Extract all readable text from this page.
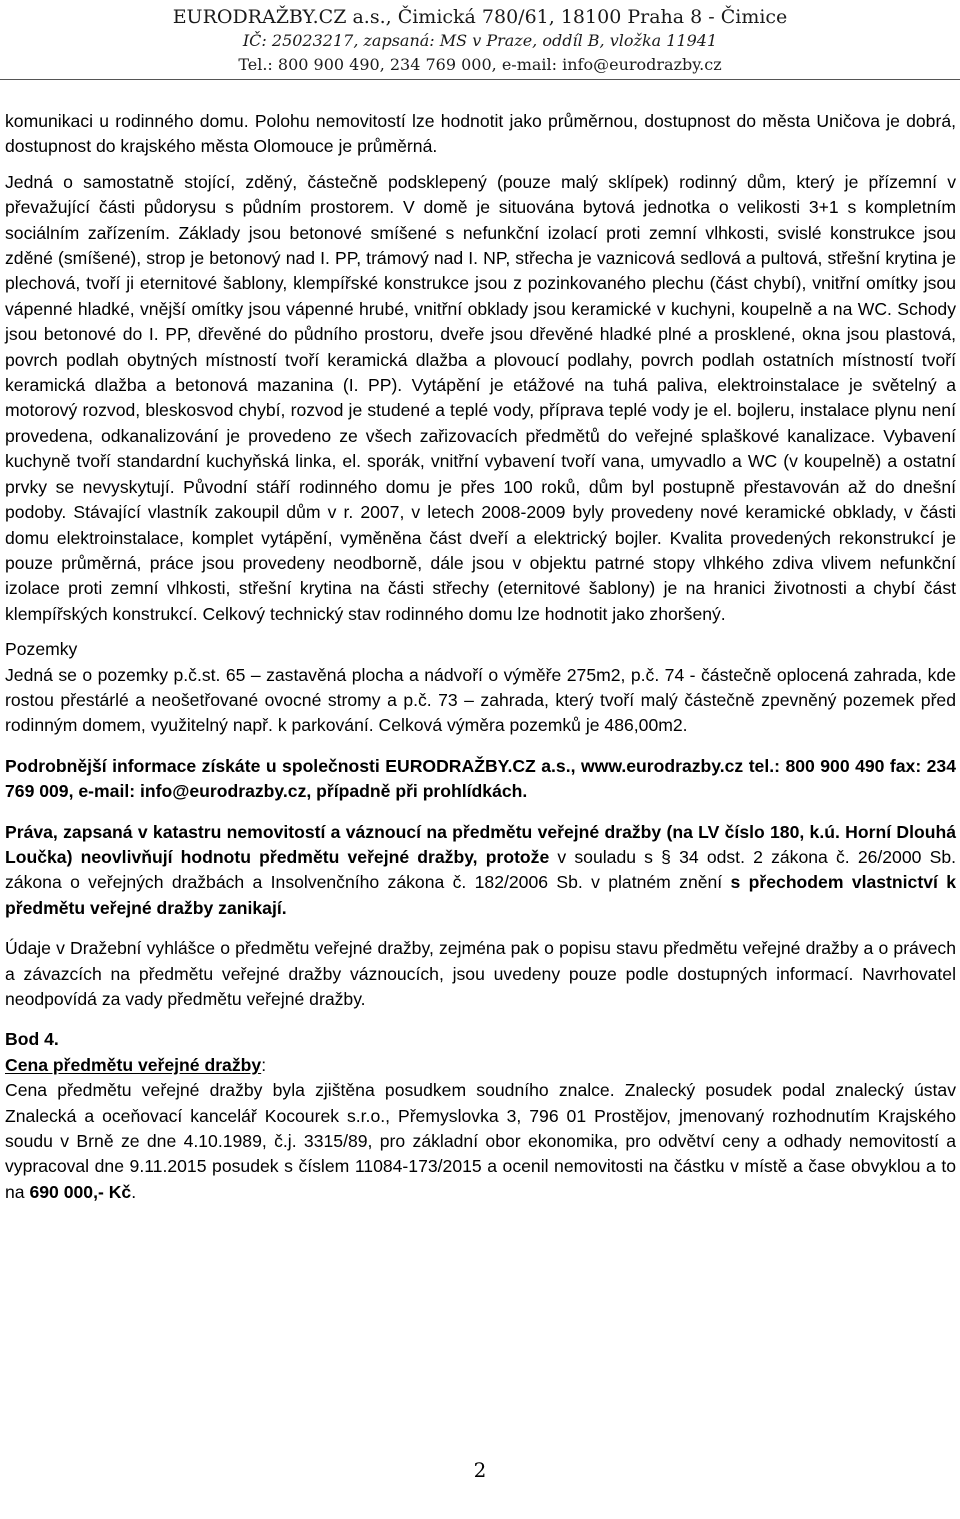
EURODRAŽBY.CZ a.s., Čimická 780/61, 18100 Praha 8 - Čimice
IČ: 25023217, zapsaná: MS v Praze, oddíl B, vložka 11941
Tel.: 800 900 490, 234 769 000, e-mail: info@eurodrazby.cz

komunikaci u rodinného domu. Polohu nemovitostí lze hodnotit jako průměrnou, dostupnost do města Uničova je dobrá, dostupnost do krajského města Olomouce je průměrná.

Jedná o samostatně stojící, zděný, částečně podsklepený (pouze malý sklípek) rodinný dům, který je přízemní v převažující části půdorysu s půdním prostorem. V domě je situována bytová jednotka o velikosti 3+1 s kompletním sociálním zařízením. Základy jsou betonové smíšené s nefunkční izolací proti zemní vlhkosti, svislé konstrukce jsou zděné (smíšené), strop je betonový nad I. PP, trámový nad I. NP, střecha je vaznicová sedlová a pultová, střešní krytina je plechová, tvoří ji eternitové šablony, klempířské konstrukce jsou z pozinkovaného plechu (část chybí), vnitřní omítky jsou vápenné hladké, vnější omítky jsou vápenné hrubé, vnitřní obklady jsou keramické v kuchyni, koupelně a na WC. Schody jsou betonové do I. PP, dřevěné do půdního prostoru, dveře jsou dřevěné hladké plné a prosklené, okna jsou plastová, povrch podlah obytných místností tvoří keramická dlažba a plovoucí podlahy, povrch podlah ostatních místností tvoří keramická dlažba a betonová mazanina (I. PP). Vytápění je etážové na tuhá paliva, elektroinstalace je světelný a motorový rozvod, bleskosvod chybí, rozvod je studené a teplé vody, příprava teplé vody je el. bojleru, instalace plynu není provedena, odkanalizování je provedeno ze všech zařizovacích předmětů do veřejné splaškové kanalizace. Vybavení kuchyně tvoří standardní kuchyňská linka, el. sporák, vnitřní vybavení tvoří vana, umyvadlo a WC (v koupelně) a ostatní prvky se nevyskytují. Původní stáří rodinného domu je přes 100 roků, dům byl postupně přestavován až do dnešní podoby. Stávající vlastník zakoupil dům v r. 2007, v letech 2008-2009 byly provedeny nové keramické obklady, v části domu elektroinstalace, komplet vytápění, vyměněna část dveří a elektrický bojler. Kvalita provedených rekonstrukcí je pouze průměrná, práce jsou provedeny neodborně, dále jsou v objektu patrné stopy vlhkého zdiva vlivem nefunkční izolace proti zemní vlhkosti, střešní krytina na části střechy (eternitové šablony) je na hranici životnosti a chybí část klempířských konstrukcí. Celkový technický stav rodinného domu lze hodnotit jako zhoršený.

Pozemky

Jedná se o pozemky p.č.st. 65 – zastavěná plocha a nádvoří o výměře 275m2, p.č. 74 - částečně oplocená zahrada, kde rostou přestárlé a neošetřované ovocné stromy a p.č. 73 – zahrada, který tvoří malý částečně zpevněný pozemek před rodinným domem, využitelný např. k parkování. Celková výměra pozemků je 486,00m2.

Podrobnější informace získáte u společnosti EURODRAŽBY.CZ a.s., www.eurodrazby.cz tel.: 800 900 490 fax: 234 769 009, e-mail: info@eurodrazby.cz, případně při prohlídkách.

Práva, zapsaná v katastru nemovitostí a váznoucí na předmětu veřejné dražby (na LV číslo 180, k.ú. Horní Dlouhá Loučka) neovlivňují hodnotu předmětu veřejné dražby, protože v souladu s § 34 odst. 2 zákona č. 26/2000 Sb. zákona o veřejných dražbách a Insolvenčního zákona č. 182/2006 Sb. v platném znění s přechodem vlastnictví k předmětu veřejné dražby zanikají.

Údaje v Dražební vyhlášce o předmětu veřejné dražby, zejména pak o popisu stavu předmětu veřejné dražby a o právech a závazcích na předmětu veřejné dražby váznoucích, jsou uvedeny pouze podle dostupných informací. Navrhovatel neodpovídá za vady předmětu veřejné dražby.

Bod 4.

Cena předmětu veřejné dražby:

Cena předmětu veřejné dražby byla zjištěna posudkem soudního znalce. Znalecký posudek podal znalecký ústav Znalecká a oceňovací kancelář Kocourek s.r.o., Přemyslovka 3, 796 01 Prostějov, jmenovaný rozhodnutím Krajského soudu v Brně ze dne 4.10.1989, č.j. 3315/89, pro základní obor ekonomika, pro odvětví ceny a odhady nemovitostí a vypracoval dne 9.11.2015 posudek s číslem 11084-173/2015 a ocenil nemovitosti na částku v místě a čase obvyklou a to na 690 000,- Kč.

2
